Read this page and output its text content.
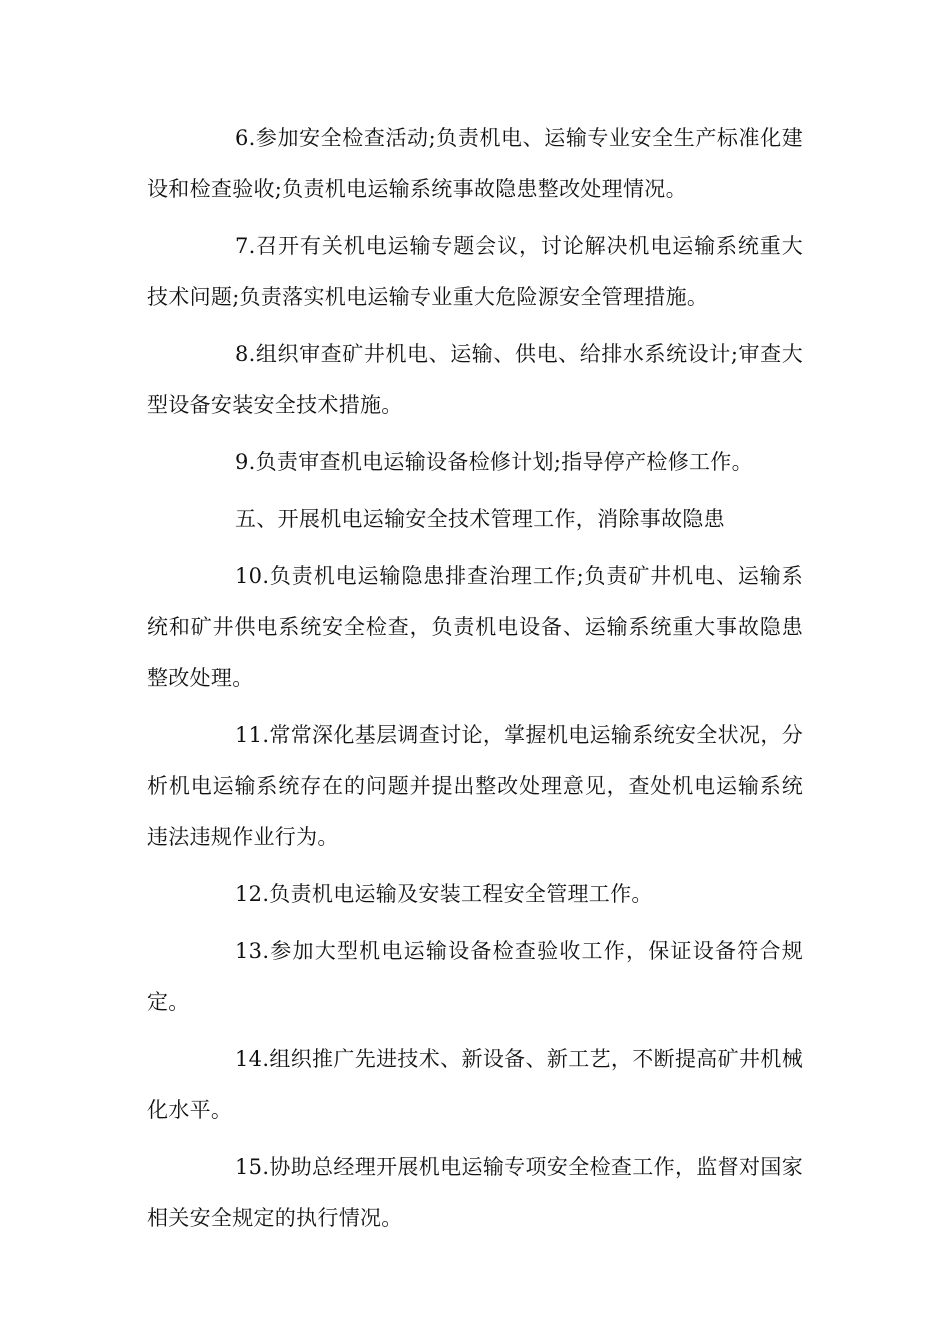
6.参加安全检查活动;负责机电、运输专业安全生产标准化建设和检查验收;负责机电运输系统事故隐患整改处理情况。

7.召开有关机电运输专题会议，讨论解决机电运输系统重大技术问题;负责落实机电运输专业重大危险源安全管理措施。

8.组织审查矿井机电、运输、供电、给排水系统设计;审查大型设备安装安全技术措施。

9.负责审查机电运输设备检修计划;指导停产检修工作。

五、开展机电运输安全技术管理工作，消除事故隐患

10.负责机电运输隐患排查治理工作;负责矿井机电、运输系统和矿井供电系统安全检查，负责机电设备、运输系统重大事故隐患整改处理。

11.常常深化基层调查讨论，掌握机电运输系统安全状况，分析机电运输系统存在的问题并提出整改处理意见，查处机电运输系统违法违规作业行为。

12.负责机电运输及安装工程安全管理工作。

13.参加大型机电运输设备检查验收工作，保证设备符合规定。

14.组织推广先进技术、新设备、新工艺，不断提高矿井机械化水平。

15.协助总经理开展机电运输专项安全检查工作，监督对国家相关安全规定的执行情况。
